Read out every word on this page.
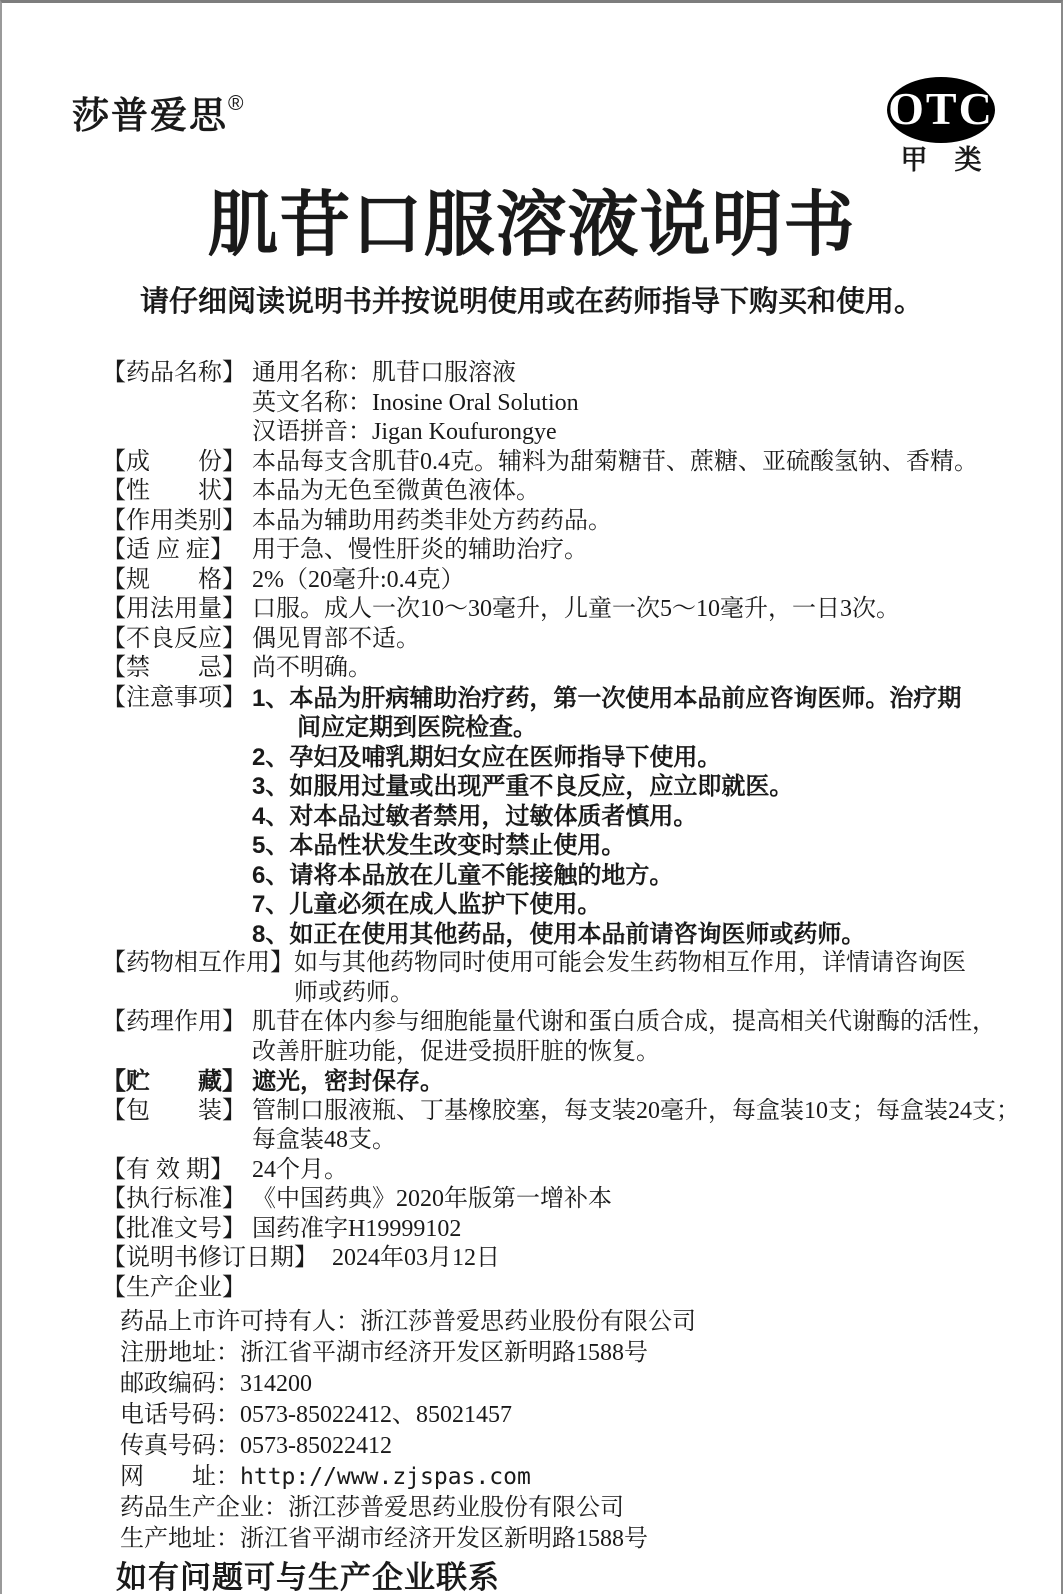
莎普爱思®	OTC
甲　类
肌苷口服溶液说明书
请仔细阅读说明书并按说明使用或在药师指导下购买和使用。
【药品名称】 通用名称：肌苷口服溶液
英文名称：Inosine Oral Solution
汉语拼音：Jigan Koufurongye
【成　　份】 本品每支含肌苷0.4克。辅料为甜菊糖苷、蔗糖、亚硫酸氢钠、香精。
【性　　状】 本品为无色至微黄色液体。
【作用类别】 本品为辅助用药类非处方药药品。
【适 应 症】 用于急、慢性肝炎的辅助治疗。
【规　　格】 2%（20毫升:0.4克）
【用法用量】 口服。成人一次10～30毫升，儿童一次5～10毫升，一日3次。
【不良反应】 偶见胃部不适。
【禁　　忌】 尚不明确。
【注意事项】 1、本品为肝病辅助治疗药，第一次使用本品前应咨询医师。治疗期
间应定期到医院检查。
2、孕妇及哺乳期妇女应在医师指导下使用。
3、如服用过量或出现严重不良反应，应立即就医。
4、对本品过敏者禁用，过敏体质者慎用。
5、本品性状发生改变时禁止使用。
6、请将本品放在儿童不能接触的地方。
7、儿童必须在成人监护下使用。
8、如正在使用其他药品，使用本品前请咨询医师或药师。
【药物相互作用】 如与其他药物同时使用可能会发生药物相互作用，详情请咨询医
师或药师。
【药理作用】 肌苷在体内参与细胞能量代谢和蛋白质合成，提高相关代谢酶的活性，
改善肝脏功能，促进受损肝脏的恢复。
【贮　　藏】 遮光，密封保存。
【包　　装】 管制口服液瓶、丁基橡胶塞，每支装20毫升，每盒装10支；每盒装24支；
每盒装48支。
【有 效 期】 24个月。
【执行标准】 《中国药典》2020年版第一增补本
【批准文号】 国药准字H19999102
【说明书修订日期】 2024年03月12日
【生产企业】
药品上市许可持有人：浙江莎普爱思药业股份有限公司
注册地址：浙江省平湖市经济开发区新明路1588号
邮政编码：314200
电话号码：0573-85022412、85021457
传真号码：0573-85022412
网　　址：http://www.zjspas.com
药品生产企业：浙江莎普爱思药业股份有限公司
生产地址：浙江省平湖市经济开发区新明路1588号
如有问题可与生产企业联系
